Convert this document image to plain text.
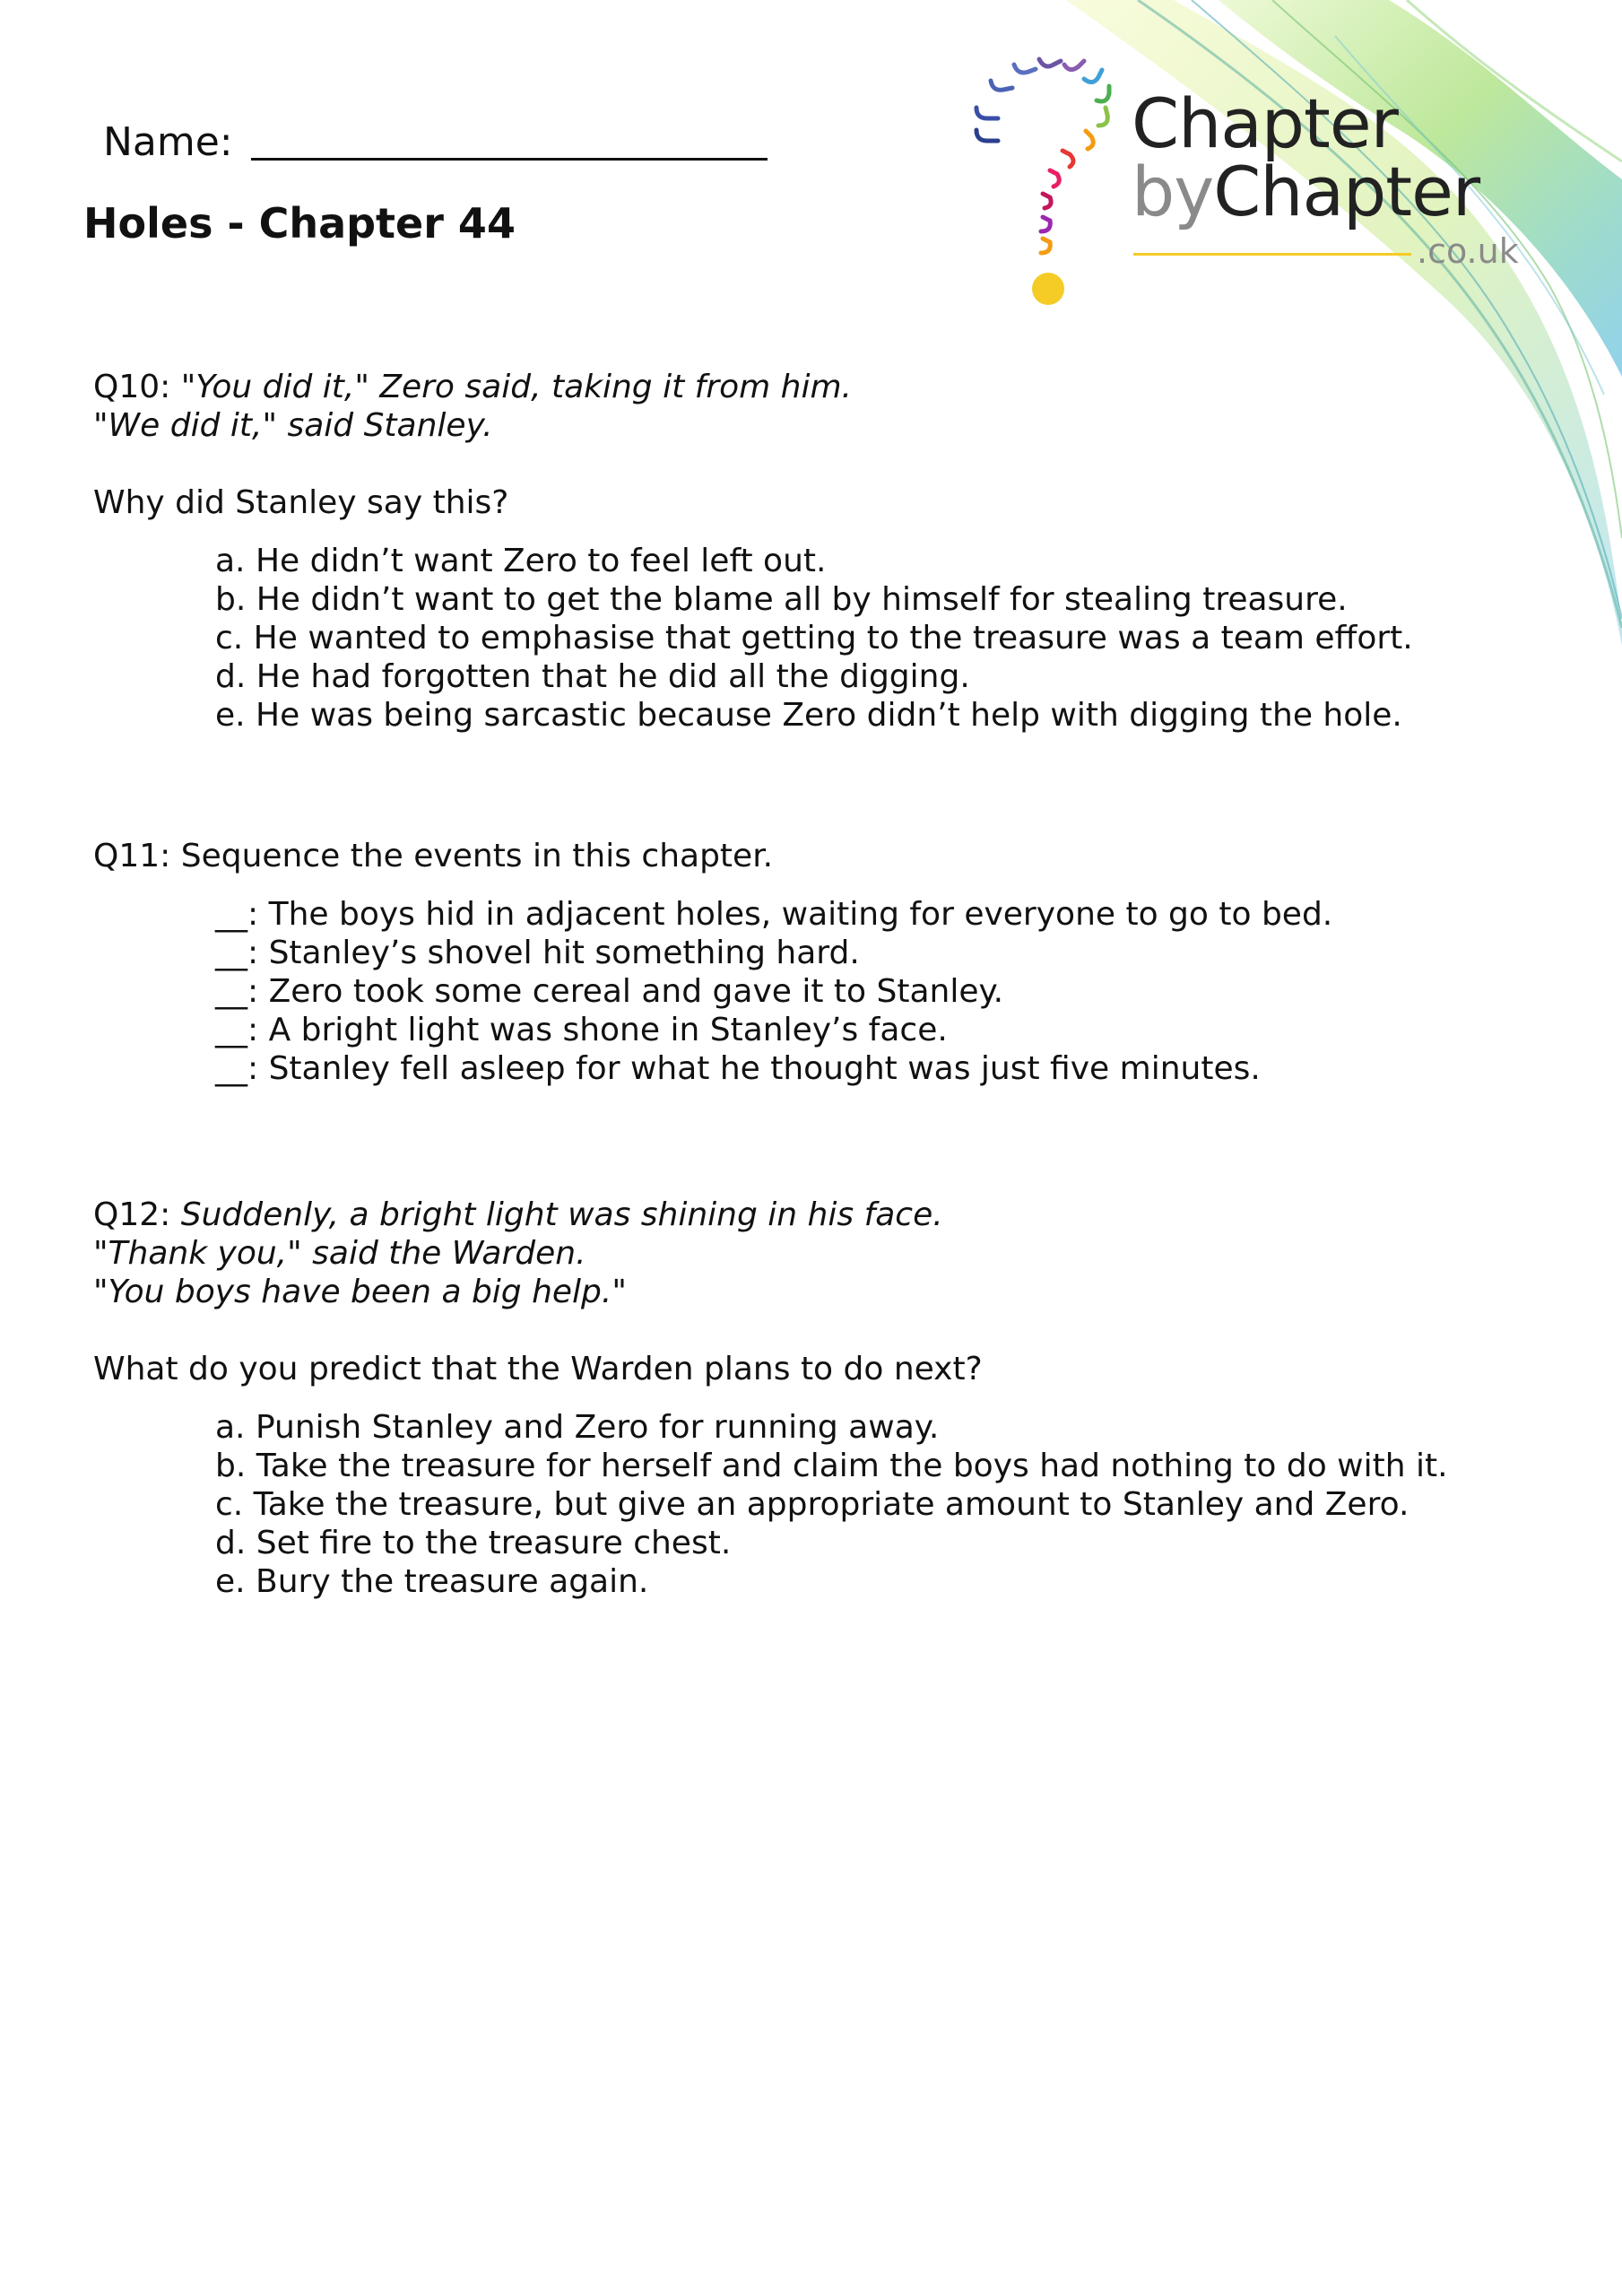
Chapter
byChapter
.co.uk
Name:
Holes - Chapter 44
Q10: "You did it," Zero said, taking it from him.
"We did it," said Stanley.
Why did Stanley say this?
a. He didn’t want Zero to feel left out.
b. He didn’t want to get the blame all by himself for stealing treasure.
c. He wanted to emphasise that getting to the treasure was a team effort.
d. He had forgotten that he did all the digging.
e. He was being sarcastic because Zero didn’t help with digging the hole.
Q11: Sequence the events in this chapter.
__: The boys hid in adjacent holes, waiting for everyone to go to bed.
__: Stanley’s shovel hit something hard.
__: Zero took some cereal and gave it to Stanley.
__: A bright light was shone in Stanley’s face.
__: Stanley fell asleep for what he thought was just five minutes.
Q12: Suddenly, a bright light was shining in his face.
"Thank you," said the Warden.
"You boys have been a big help."
What do you predict that the Warden plans to do next?
a. Punish Stanley and Zero for running away.
b. Take the treasure for herself and claim the boys had nothing to do with it.
c. Take the treasure, but give an appropriate amount to Stanley and Zero.
d. Set fire to the treasure chest.
e. Bury the treasure again.
